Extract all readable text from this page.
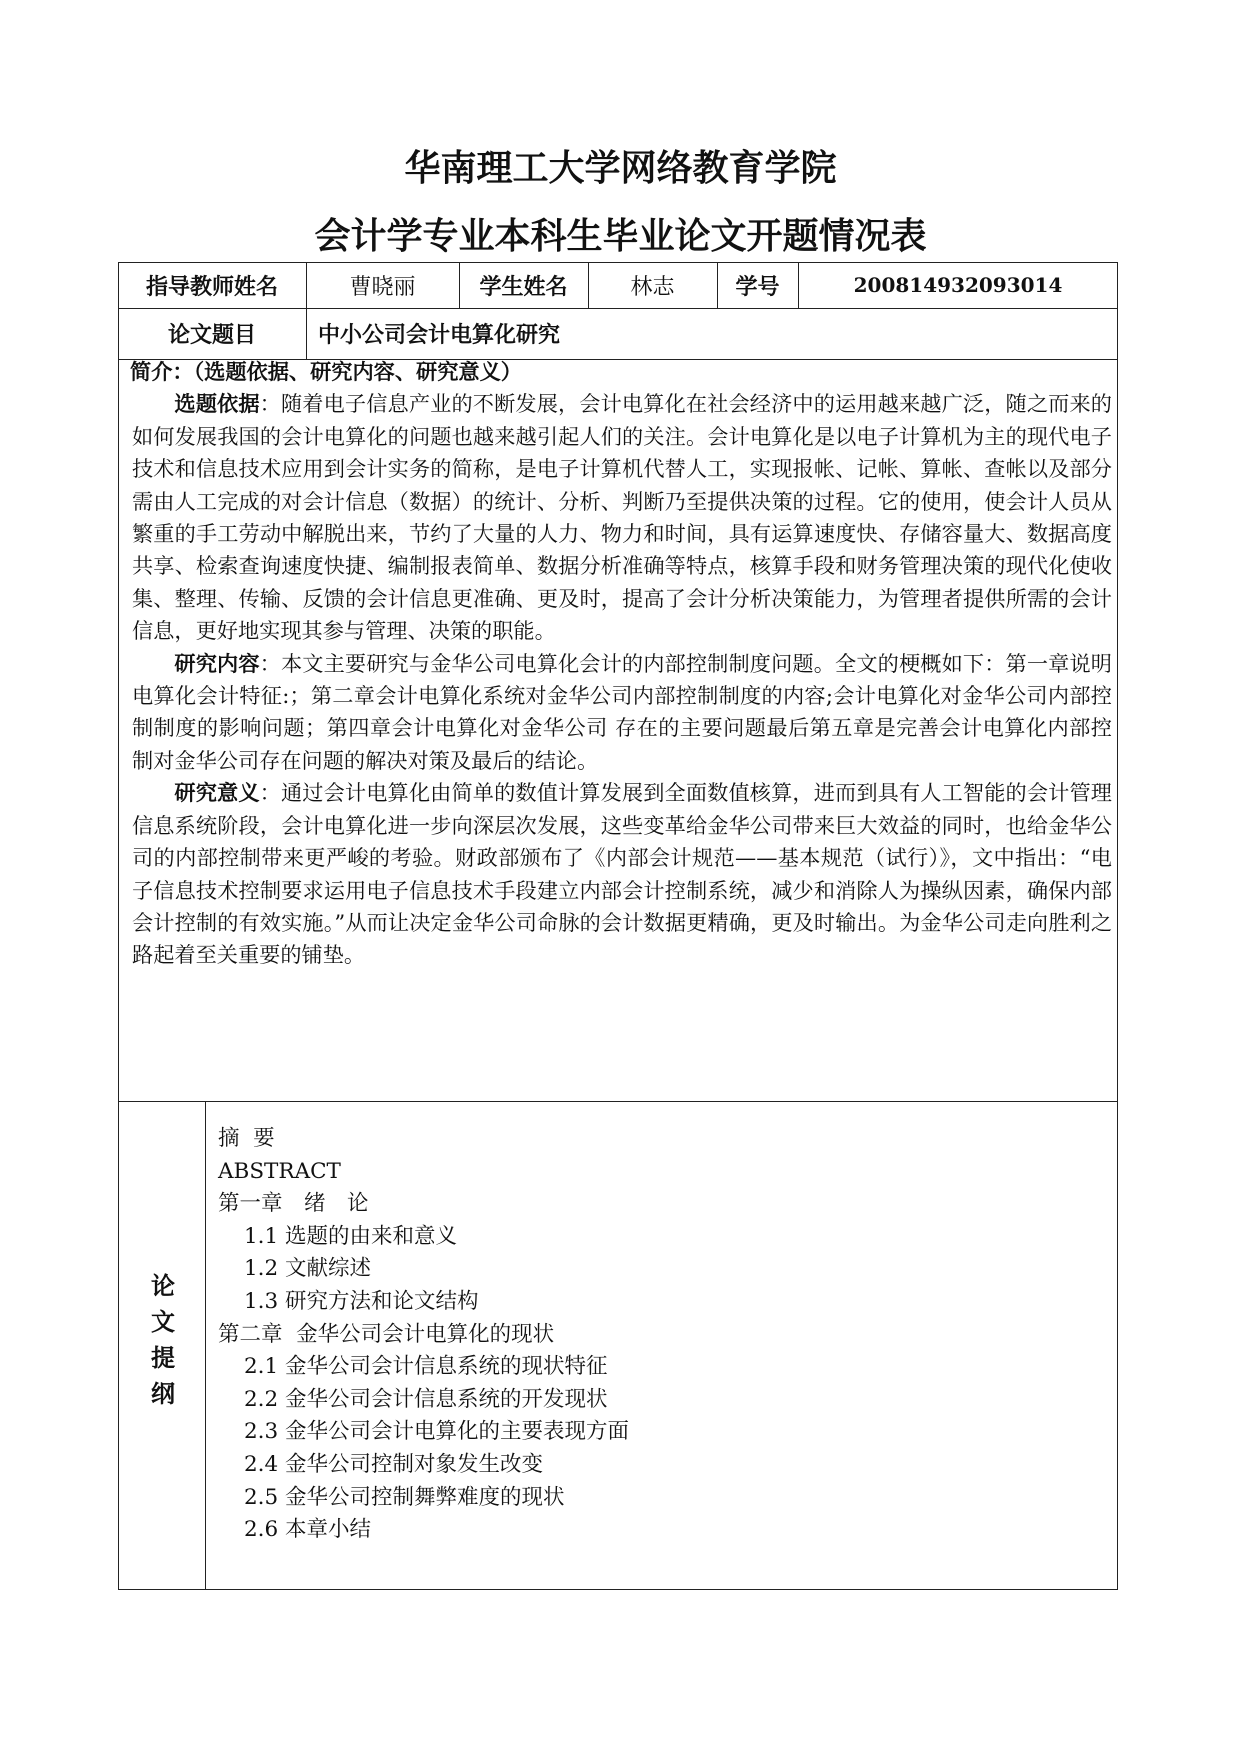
华南理工大学网络教育学院
会计学专业本科生毕业论文开题情况表
指导教师姓名	曹晓丽	学生姓名	林志	学号	200814932093014
论文题目	中小公司会计电算化研究

简介：（选题依据、研究内容、研究意义）

选题依据：随着电子信息产业的不断发展，会计电算化在社会经济中的运用越来越广泛，随之而来的如何发展我国的会计电算化的问题也越来越引起人们的关注。会计电算化是以电子计算机为主的现代电子技术和信息技术应用到会计实务的简称，是电子计算机代替人工，实现报帐、记帐、算帐、查帐以及部分需由人工完成的对会计信息（数据）的统计、分析、判断乃至提供决策的过程。它的使用，使会计人员从繁重的手工劳动中解脱出来，节约了大量的人力、物力和时间，具有运算速度快、存储容量大、数据高度共享、检索查询速度快捷、编制报表简单、数据分析准确等特点，核算手段和财务管理决策的现代化使收集、整理、传输、反馈的会计信息更准确、更及时，提高了会计分析决策能力，为管理者提供所需的会计信息，更好地实现其参与管理、决策的职能。

研究内容：本文主要研究与金华公司电算化会计的内部控制制度问题。全文的梗概如下：第一章说明电算化会计特征:；第二章会计电算化系统对金华公司内部控制制度的内容;会计电算化对金华公司内部控制制度的影响问题；第四章会计电算化对金华公司 存在的主要问题最后第五章是完善会计电算化内部控制对金华公司存在问题的解决对策及最后的结论。

研究意义：通过会计电算化由简单的数值计算发展到全面数值核算，进而到具有人工智能的会计管理信息系统阶段，会计电算化进一步向深层次发展，这些变革给金华公司带来巨大效益的同时，也给金华公司的内部控制带来更严峻的考验。财政部颁布了《内部会计规范——基本规范（试行）》，文中指出：“电子信息技术控制要求运用电子信息技术手段建立内部会计控制系统，减少和消除人为操纵因素，确保内部会计控制的有效实施。”从而让决定金华公司命脉的会计数据更精确，更及时输出。为金华公司走向胜利之路起着至关重要的铺垫。

论
文
提
纲
摘  要
ABSTRACT
第一章　绪　论
1.1 选题的由来和意义
1.2 文献综述
1.3 研究方法和论文结构
第二章  金华公司会计电算化的现状
2.1 金华公司会计信息系统的现状特征
2.2 金华公司会计信息系统的开发现状
2.3 金华公司会计电算化的主要表现方面
2.4 金华公司控制对象发生改变
2.5 金华公司控制舞弊难度的现状
2.6 本章小结
